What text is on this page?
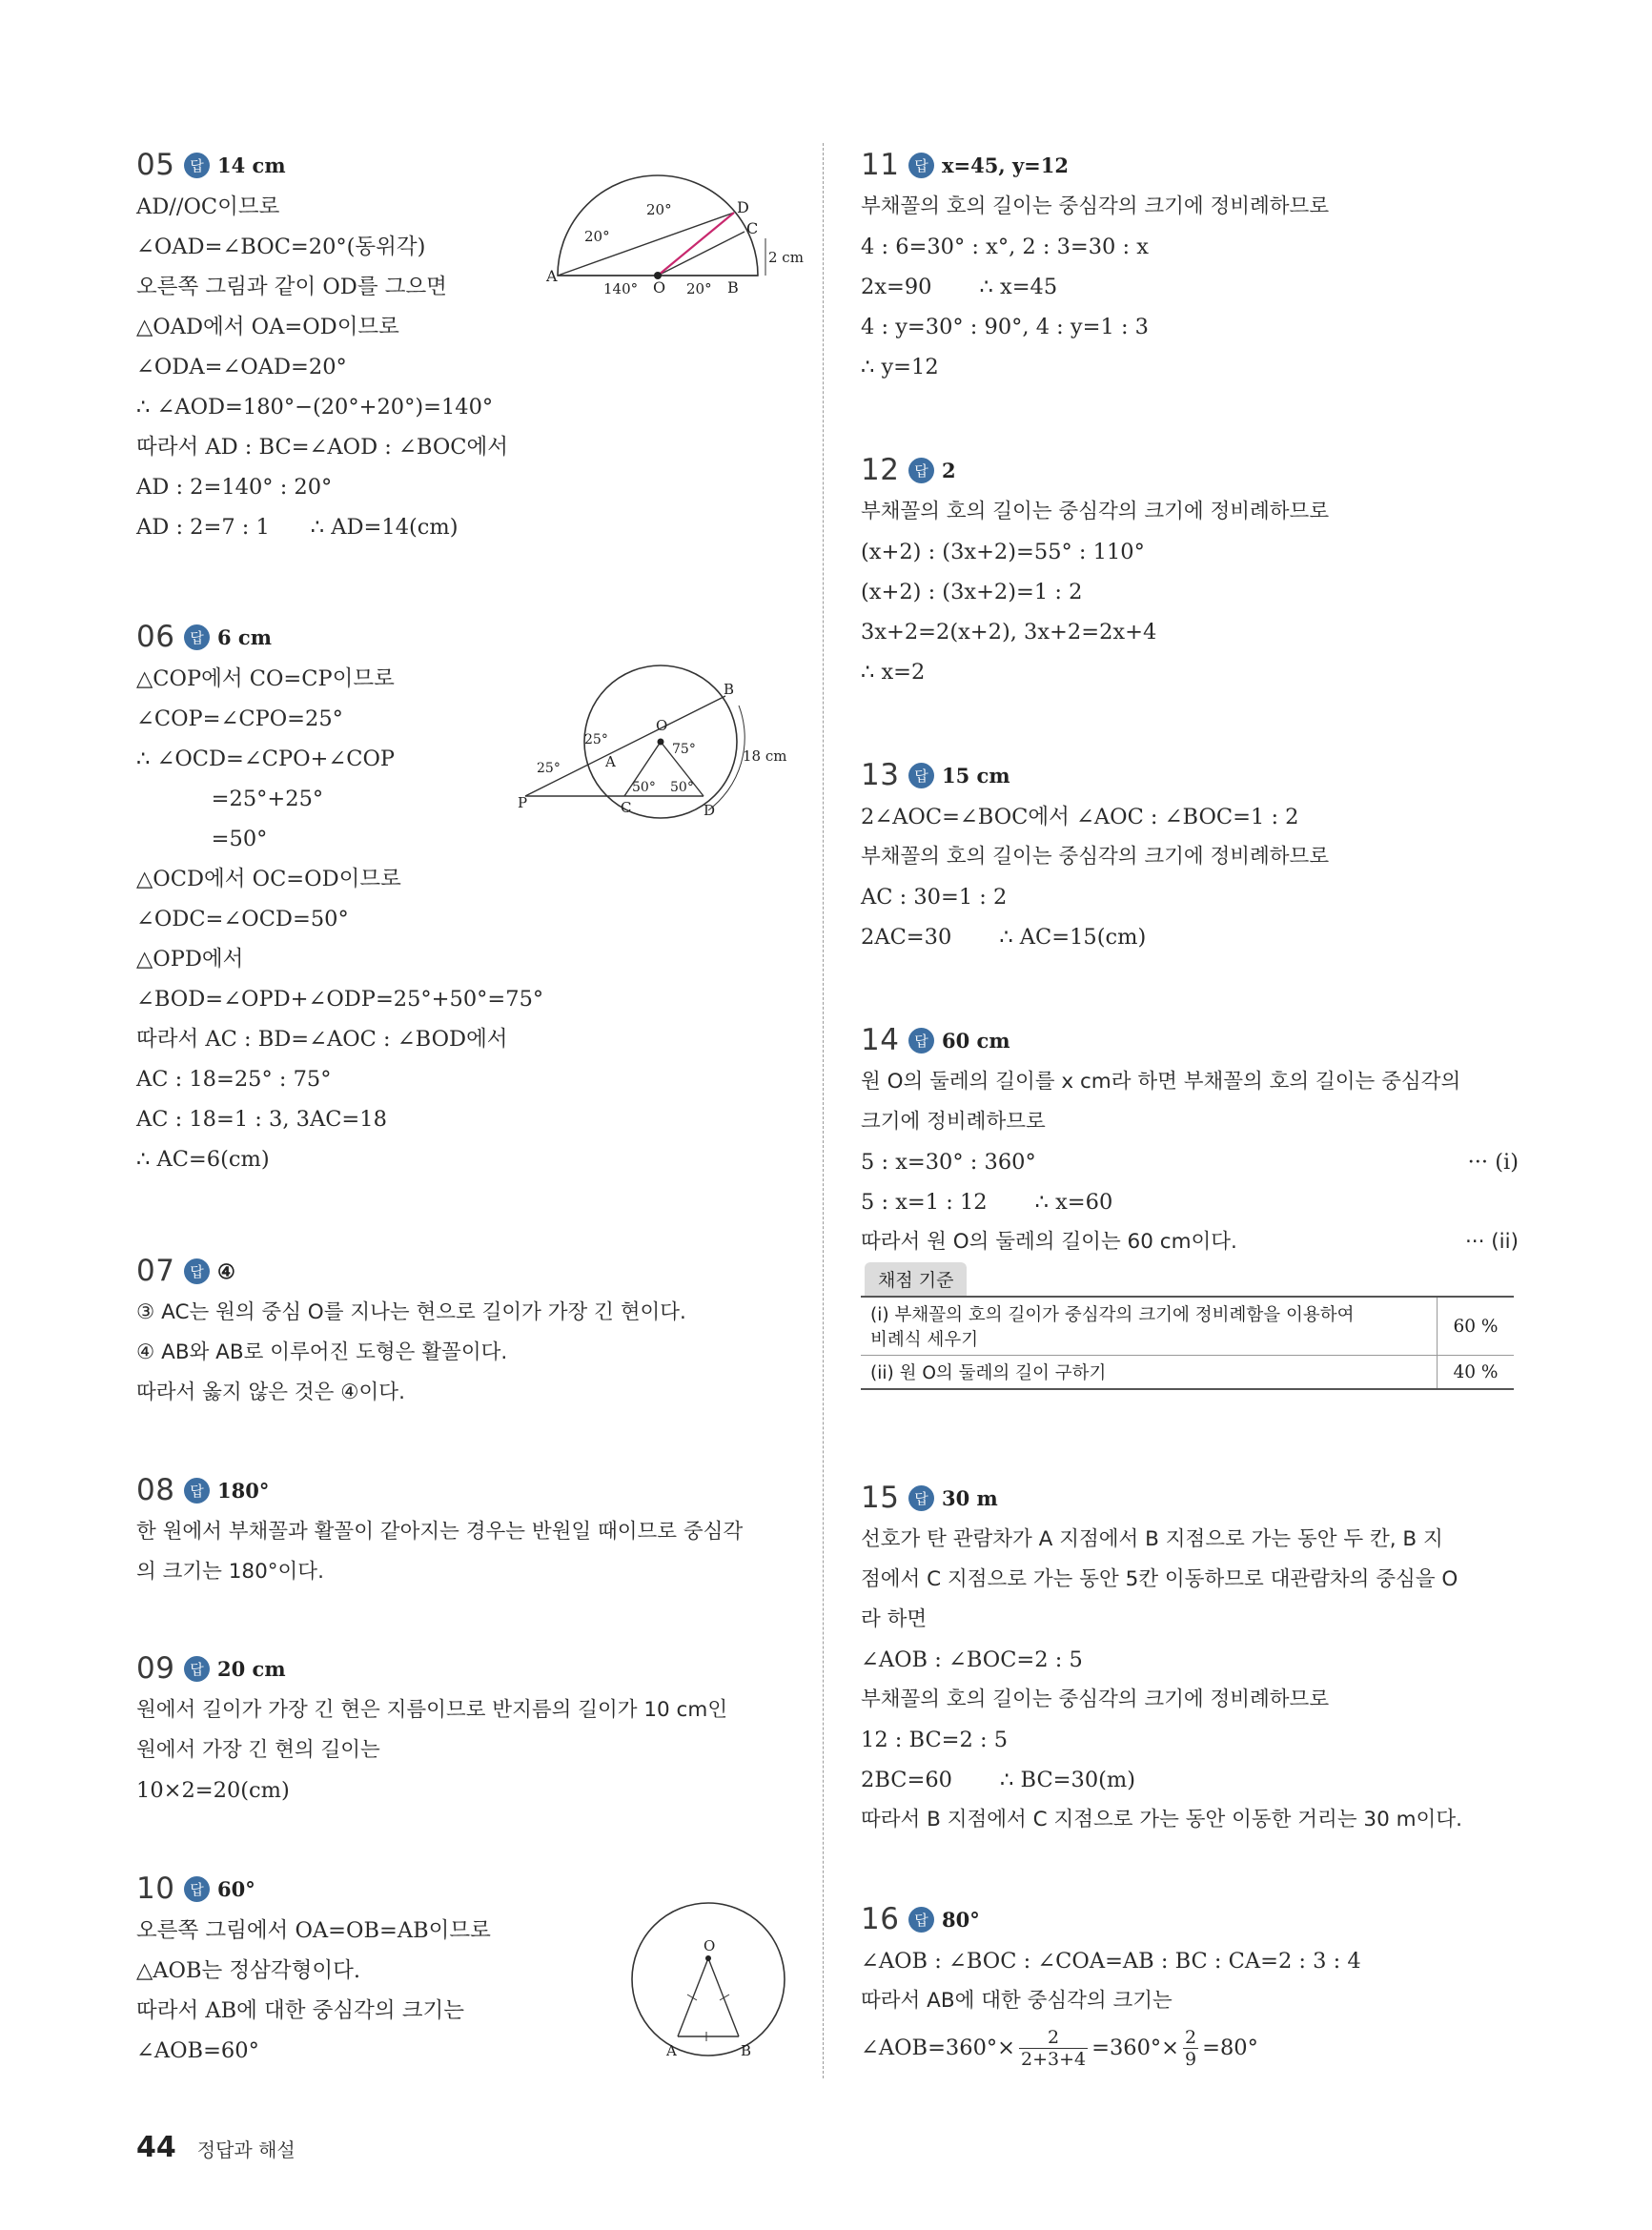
05	답 14 cm
AD//OC이므로
∠OAD=∠BOC=20°(동위각)
오른쪽 그림과 같이 OD를 그으면
△OAD에서 OA=OD이므로
∠ODA=∠OAD=20°
∴ ∠AOD=180°−(20°+20°)=140°
따라서 AD : BC=∠AOD : ∠BOC에서
AD : 2=140° : 20°
AD : 2=7 : 1      ∴ AD=14(cm)
20°
20°
140°	20°
A
O	B
C
D
2 cm
06	답 6 cm
△COP에서 CO=CP이므로
∠COP=∠CPO=25°
∴ ∠OCD=∠CPO+∠COP
=25°+25°
=50°
△OCD에서 OC=OD이므로
∠ODC=∠OCD=50°
△OPD에서
∠BOD=∠OPD+∠ODP=25°+50°=75°
따라서 AC : BD=∠AOC : ∠BOD에서
AC : 18=25° : 75°
AC : 18=1 : 3, 3AC=18
∴ AC=6(cm)
25°
75°
25°
50° 50°
O
A
B
C	D
P
18 cm
07	답 ④
③ AC는 원의 중심 O를 지나는 현으로 길이가 가장 긴 현이다.
④ AB와 AB로 이루어진 도형은 활꼴이다.
따라서 옳지 않은 것은 ④이다.
08	답 180°
한 원에서 부채꼴과 활꼴이 같아지는 경우는 반원일 때이므로 중심각
의 크기는 180°이다.
09	답 20 cm
원에서 길이가 가장 긴 현은 지름이므로 반지름의 길이가 10 cm인
원에서 가장 긴 현의 길이는
10×2=20(cm)
10	답 60°
오른쪽 그림에서 OA=OB=AB이므로
△AOB는 정삼각형이다.
따라서 AB에 대한 중심각의 크기는
∠AOB=60°
O
A	B
11	답 x=45, y=12
부채꼴의 호의 길이는 중심각의 크기에 정비례하므로
4 : 6=30° : x°, 2 : 3=30 : x
2x=90       ∴ x=45
4 : y=30° : 90°, 4 : y=1 : 3
∴ y=12
12	답 2
부채꼴의 호의 길이는 중심각의 크기에 정비례하므로
(x+2) : (3x+2)=55° : 110°
(x+2) : (3x+2)=1 : 2
3x+2=2(x+2), 3x+2=2x+4
∴ x=2
13	답 15 cm
2∠AOC=∠BOC에서 ∠AOC : ∠BOC=1 : 2
부채꼴의 호의 길이는 중심각의 크기에 정비례하므로
AC : 30=1 : 2
2AC=30       ∴ AC=15(cm)
14	답 60 cm
원 O의 둘레의 길이를 x cm라 하면 부채꼴의 호의 길이는 중심각의
크기에 정비례하므로
5 : x=30° : 360°	··· (i)
5 : x=1 : 12       ∴ x=60
따라서 원 O의 둘레의 길이는 60 cm이다.	··· (ii)
채점 기준
(i) 부채꼴의 호의 길이가 중심각의 크기에 정비례함을 이용하여
비례식 세우기	60 %

(ii) 원 O의 둘레의 길이 구하기	40 %
15	답 30 m
선호가 탄 관람차가 A 지점에서 B 지점으로 가는 동안 두 칸, B 지
점에서 C 지점으로 가는 동안 5칸 이동하므로 대관람차의 중심을 O
라 하면
∠AOB : ∠BOC=2 : 5
부채꼴의 호의 길이는 중심각의 크기에 정비례하므로
12 : BC=2 : 5
2BC=60       ∴ BC=30(m)
따라서 B 지점에서 C 지점으로 가는 동안 이동한 거리는 30 m이다.
16	답 80°
∠AOB : ∠BOC : ∠COA=AB : BC : CA=2 : 3 : 4
따라서 AB에 대한 중심각의 크기는
∠AOB=360°× $\frac{2}{2+3+4} =360^\circ\times \frac{2}{9} =80^\circ$
44 정답과 해설
